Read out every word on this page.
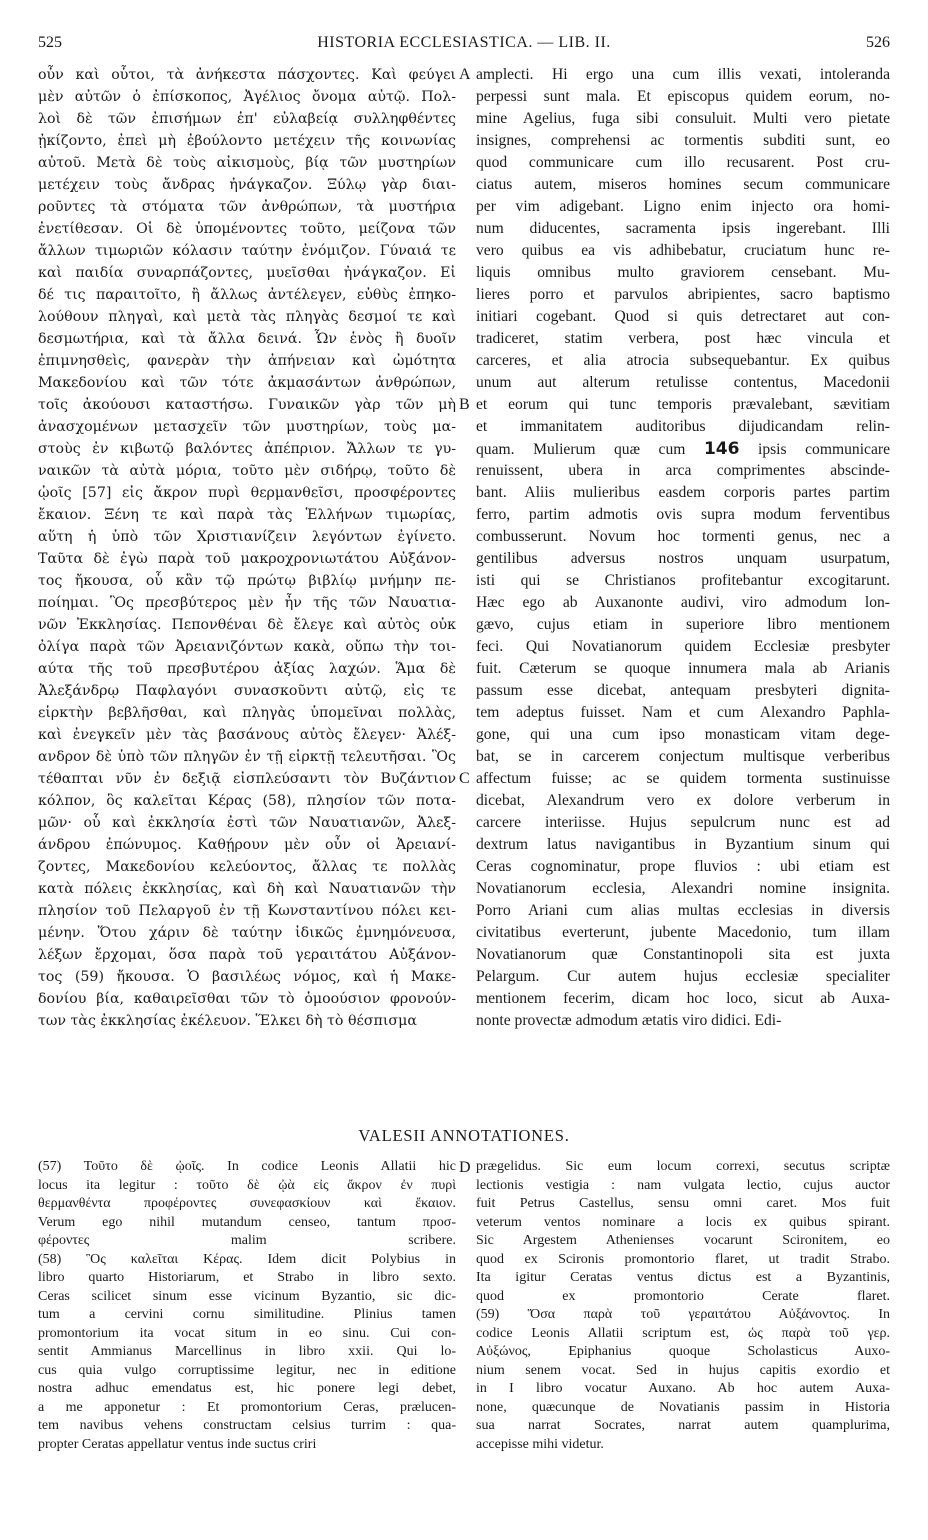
525	HISTORIA ECCLESIASTICA. — LIB. II.	526
οὖν καὶ οὗτοι, τὰ ἀνήκεστα πάσχοντες. Καὶ φεύγει
μὲν αὐτῶν ὁ ἐπίσκοπος, Ἀγέλιος ὄνομα αὐτῷ. Πολ-
λοὶ δὲ τῶν ἐπισήμων ἐπ' εὐλαβείᾳ συλληφθέντες
ᾐκίζοντο, ἐπεὶ μὴ ἐβούλοντο μετέχειν τῆς κοινωνίας
αὐτοῦ. Μετὰ δὲ τοὺς αἰκισμοὺς, βίᾳ τῶν μυστηρίων
μετέχειν τοὺς ἄνδρας ἠνάγκαζον. Ξύλῳ γὰρ διαι-
ροῦντες τὰ στόματα τῶν ἀνθρώπων, τὰ μυστήρια
ἐνετίθεσαν. Οἱ δὲ ὑπομένοντες τοῦτο, μείζονα τῶν
ἄλλων τιμωριῶν κόλασιν ταύτην ἐνόμιζον. Γύναιά τε
καὶ παιδία συναρπάζοντες, μυεῖσθαι ἠνάγκαζον. Εἰ
δέ τις παραιτοῖτο, ἢ ἄλλως ἀντέλεγεν, εὐθὺς ἐπηκο-
λούθουν πληγαὶ, καὶ μετὰ τὰς πληγὰς δεσμοί τε καὶ
δεσμωτήρια, καὶ τὰ ἄλλα δεινά. Ὧν ἑνὸς ἢ δυοῖν
ἐπιμνησθεὶς, φανερὰν τὴν ἀπήνειαν καὶ ὠμότητα
Μακεδονίου καὶ τῶν τότε ἀκμασάντων ἀνθρώπων,
τοῖς ἀκούουσι καταστήσω. Γυναικῶν γὰρ τῶν μὴ
ἀνασχομένων μετασχεῖν τῶν μυστηρίων, τοὺς μα-
στοὺς ἐν κιβωτῷ βαλόντες ἀπέπριον. Ἄλλων τε γυ-
ναικῶν τὰ αὐτὰ μόρια, τοῦτο μὲν σιδήρῳ, τοῦτο δὲ
ᾠοῖς [57] εἰς ἄκρον πυρὶ θερμανθεῖσι, προσφέροντες
ἔκαιον. Ξένη τε καὶ παρὰ τὰς Ἑλλήνων τιμωρίας,
αὕτη ἡ ὑπὸ τῶν Χριστιανίζειν λεγόντων ἐγίνετο.
Ταῦτα δὲ ἐγὼ παρὰ τοῦ μακροχρονιωτάτου Αὐξάνον-
τος ἤκουσα, οὗ κἂν τῷ πρώτῳ βιβλίῳ μνήμην πε-
ποίημαι. Ὃς πρεσβύτερος μὲν ἦν τῆς τῶν Ναυατια-
νῶν Ἐκκλησίας. Πεπονθέναι δὲ ἔλεγε καὶ αὐτὸς οὐκ
ὀλίγα παρὰ τῶν Ἀρειανιζόντων κακὰ, οὔπω τὴν τοι-
αύτα τῆς τοῦ πρεσβυτέρου ἀξίας λαχών. Ἅμα δὲ
Ἀλεξάνδρῳ Παφλαγόνι συνασκοῦντι αὐτῷ, εἰς τε
εἱρκτὴν βεβλῆσθαι, καὶ πληγὰς ὑπομεῖναι πολλὰς,
καὶ ἐνεγκεῖν μὲν τὰς βασάνους αὐτὸς ἔλεγεν· Ἀλέξ-
ανδρον δὲ ὑπὸ τῶν πληγῶν ἐν τῇ εἱρκτῇ τελευτῆσαι. Ὃς
τέθαπται νῦν ἐν δεξιᾷ εἰσπλεύσαντι τὸν Βυζάντιον
κόλπον, ὃς καλεῖται Κέρας (58), πλησίον τῶν ποτα-
μῶν· οὗ καὶ ἐκκλησία ἐστὶ τῶν Ναυατιανῶν, Ἀλεξ-
άνδρου ἐπώνυμος. Καθῄρουν μὲν οὖν οἱ Ἀρειανί-
ζοντες, Μακεδονίου κελεύοντος, ἄλλας τε πολλὰς
κατὰ πόλεις ἐκκλησίας, καὶ δὴ καὶ Ναυατιανῶν τὴν
πλησίον τοῦ Πελαργοῦ ἐν τῇ Κωνσταντίνου πόλει κει-
μένην. Ὅτου χάριν δὲ ταύτην ἰδικῶς ἐμνημόνευσα,
λέξων ἔρχομαι, ὅσα παρὰ τοῦ γεραιτάτου Αὐξάνον-
τος (59) ἤκουσα. Ὁ βασιλέως νόμος, καὶ ἡ Μακε-
δονίου βία, καθαιρεῖσθαι τῶν τὸ ὁμοούσιον φρονούν-
των τὰς ἐκκλησίας ἐκέλευον. Ἕλκει δὴ τὸ θέσπισμα
amplecti. Hi ergo una cum illis vexati, intoleranda
perpessi sunt mala. Et episcopus quidem eorum, no-
mine Agelius, fuga sibi consuluit. Multi vero pietate
insignes, comprehensi ac tormentis subditi sunt, eo
quod communicare cum illo recusarent. Post cru-
ciatus autem, miseros homines secum communicare
per vim adigebant. Ligno enim injecto ora homi-
num diducentes, sacramenta ipsis ingerebant. Illi
vero quibus ea vis adhibebatur, cruciatum hunc re-
liquis omnibus multo graviorem censebant. Mu-
lieres porro et parvulos abripientes, sacro baptismo
initiari cogebant. Quod si quis detrectaret aut con-
tradiceret, statim verbera, post hæc vincula et
carceres, et alia atrocia subsequebantur. Ex quibus
unum aut alterum retulisse contentus, Macedonii
et eorum qui tunc temporis prævalebant, sævitiam
et immanitatem auditoribus dijudicandam relin-
quam. Mulierum quæ cum 146 ipsis communicare
renuissent, ubera in arca comprimentes abscinde-
bant. Aliis mulieribus easdem corporis partes partim
ferro, partim admotis ovis supra modum ferventibus
combusserunt. Novum hoc tormenti genus, nec a
gentilibus adversus nostros unquam usurpatum,
isti qui se Christianos profitebantur excogitarunt.
Hæc ego ab Auxanonte audivi, viro admodum lon-
gævo, cujus etiam in superiore libro mentionem
feci. Qui Novatianorum quidem Ecclesiæ presbyter
fuit. Cæterum se quoque innumera mala ab Arianis
passum esse dicebat, antequam presbyteri dignita-
tem adeptus fuisset. Nam et cum Alexandro Paphla-
gone, qui una cum ipso monasticam vitam dege-
bat, se in carcerem conjectum multisque verberibus
affectum fuisse; ac se quidem tormenta sustinuisse
dicebat, Alexandrum vero ex dolore verberum in
carcere interiisse. Hujus sepulcrum nunc est ad
dextrum latus navigantibus in Byzantium sinum qui
Ceras cognominatur, prope fluvios : ubi etiam est
Novatianorum ecclesia, Alexandri nomine insignita.
Porro Ariani cum alias multas ecclesias in diversis
civitatibus everterunt, jubente Macedonio, tum illam
Novatianorum quæ Constantinopoli sita est juxta
Pelargum. Cur autem hujus ecclesiæ specialiter
mentionem fecerim, dicam hoc loco, sicut ab Auxa-
nonte provectæ admodum ætatis viro didici. Edi-
A
B
C
D
VALESII ANNOTATIONES.
(57) Τοῦτο δὲ ᾠοῖς. In codice Leonis Allatii hic
locus ita legitur : τοῦτο δὲ ᾠὰ εἰς ἄκρον ἐν πυρὶ
θερμανθέντα προφέροντες συνεφασκίουν καὶ ἔκαιον.
Verum ego nihil mutandum censeo, tantum προσ-
φέροντες malim scribere.
(58) Ὃς καλεῖται Κέρας. Idem dicit Polybius in
libro quarto Historiarum, et Strabo in libro sexto.
Ceras scilicet sinum esse vicinum Byzantio, sic dic-
tum a cervini cornu similitudine. Plinius tamen
promontorium ita vocat situm in eo sinu. Cui con-
sentit Ammianus Marcellinus in libro xxii. Qui lo-
cus quia vulgo corruptissime legitur, nec in editione
nostra adhuc emendatus est, hic ponere legi debet,
a me apponetur : Et promontorium Ceras, prælucen-
tem navibus vehens constructam celsius turrim : qua-
propter Ceratas appellatur ventus inde suctus criri
prægelidus. Sic eum locum correxi, secutus scriptæ
lectionis vestigia : nam vulgata lectio, cujus auctor
fuit Petrus Castellus, sensu omni caret. Mos fuit
veterum ventos nominare a locis ex quibus spirant.
Sic Argestem Athenienses vocarunt Scironitem, eo
quod ex Scironis promontorio flaret, ut tradit Strabo.
Ita igitur Ceratas ventus dictus est a Byzantinis,
quod ex promontorio Cerate flaret.
(59) Ὅσα παρὰ τοῦ γεραιτάτου Αὐξάνοντος. In
codice Leonis Allatii scriptum est, ὡς παρὰ τοῦ γερ.
Αὐξώνος, Epiphanius quoque Scholasticus Auxo-
nium senem vocat. Sed in hujus capitis exordio et
in I libro vocatur Auxano. Ab hoc autem Auxa-
none, quæcunque de Novatianis passim in Historia
sua narrat Socrates, narrat autem quamplurima,
accepisse mihi videtur.
